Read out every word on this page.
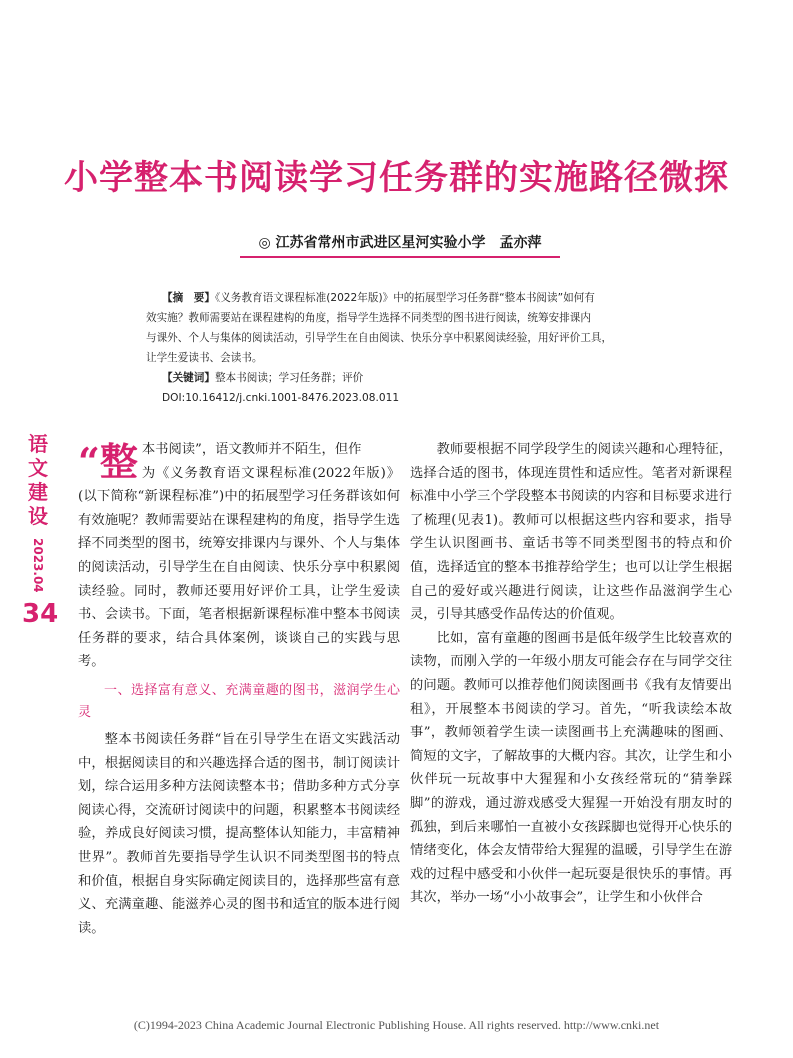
小学整本书阅读学习任务群的实施路径微探
◎ 江苏省常州市武进区星河实验小学　孟亦萍
【摘　要】《义务教育语文课程标准(2022年版)》中的拓展型学习任务群“整本书阅读”如何有
效实施？教师需要站在课程建构的角度，指导学生选择不同类型的图书进行阅读，统筹安排课内
与课外、个人与集体的阅读活动，引导学生在自由阅读、快乐分享中积累阅读经验，用好评价工具，
让学生爱读书、会读书。
【关键词】整本书阅读；学习任务群；评价
DOI:10.16412/j.cnki.1001-8476.2023.08.011
语文建设
2023.04
34

“整本书阅读”，语文教师并不陌生，但作
为《义务教育语文课程标准(2022年版)》(以下简称“新课程标准”)中的拓展型学习任务群该如何有效施呢？教师需要站在课程建构的角度，指导学生选择不同类型的图书，统筹安排课内与课外、个人与集体的阅读活动，引导学生在自由阅读、快乐分享中积累阅读经验。同时，教师还要用好评价工具，让学生爱读书、会读书。下面，笔者根据新课程标准中整本书阅读任务群的要求，结合具体案例，谈谈自己的实践与思考。

一、选择富有意义、充满童趣的图书，滋润学生心灵

整本书阅读任务群“旨在引导学生在语文实践活动中，根据阅读目的和兴趣选择合适的图书，制订阅读计划，综合运用多种方法阅读整本书；借助多种方式分享阅读心得，交流研讨阅读中的问题，积累整本书阅读经验，养成良好阅读习惯，提高整体认知能力，丰富精神世界”。教师首先要指导学生认识不同类型图书的特点和价值，根据自身实际确定阅读目的，选择那些富有意义、充满童趣、能滋养心灵的图书和适宜的版本进行阅读。

教师要根据不同学段学生的阅读兴趣和心理特征，选择合适的图书，体现连贯性和适应性。笔者对新课程标准中小学三个学段整本书阅读的内容和目标要求进行了梳理(见表1)。教师可以根据这些内容和要求，指导学生认识图画书、童话书等不同类型图书的特点和价值，选择适宜的整本书推荐给学生；也可以让学生根据自己的爱好或兴趣进行阅读，让这些作品滋润学生心灵，引导其感受作品传达的价值观。

比如，富有童趣的图画书是低年级学生比较喜欢的读物，而刚入学的一年级小朋友可能会存在与同学交往的问题。教师可以推荐他们阅读图画书《我有友情要出租》，开展整本书阅读的学习。首先，“听我读绘本故事”，教师领着学生读一读图画书上充满趣味的图画、简短的文字，了解故事的大概内容。其次，让学生和小伙伴玩一玩故事中大猩猩和小女孩经常玩的“猜拳踩脚”的游戏，通过游戏感受大猩猩一开始没有朋友时的孤独，到后来哪怕一直被小女孩踩脚也觉得开心快乐的情绪变化，体会友情带给大猩猩的温暖，引导学生在游戏的过程中感受和小伙伴一起玩耍是很快乐的事情。再其次，举办一场“小小故事会”，让学生和小伙伴合

(C)1994-2023 China Academic Journal Electronic Publishing House. All rights reserved. http://www.cnki.net
